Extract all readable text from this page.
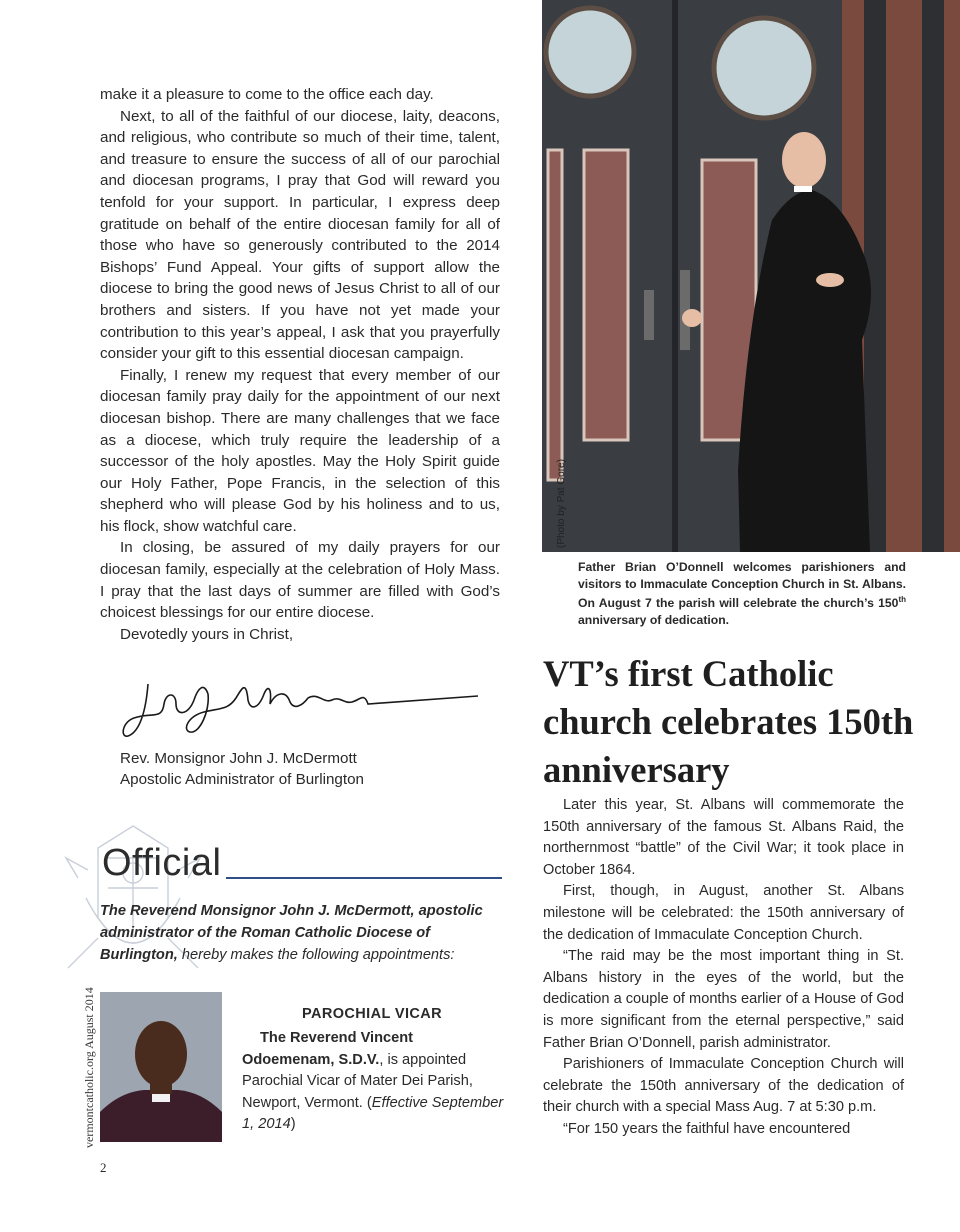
make it a pleasure to come to the office each day.

Next, to all of the faithful of our diocese, laity, deacons, and religious, who contribute so much of their time, talent, and treasure to ensure the success of all of our parochial and diocesan programs, I pray that God will reward you tenfold for your support. In particular, I express deep gratitude on behalf of the entire diocesan family for all of those who have so generously contributed to the 2014 Bishops’ Fund Appeal. Your gifts of support allow the diocese to bring the good news of Jesus Christ to all of our brothers and sisters. If you have not yet made your contribution to this year’s appeal, I ask that you prayerfully consider your gift to this essential diocesan campaign.

Finally, I renew my request that every member of our diocesan family pray daily for the appointment of our next diocesan bishop. There are many challenges that we face as a diocese, which truly require the leadership of a successor of the holy apostles. May the Holy Spirit guide our Holy Father, Pope Francis, in the selection of this shepherd who will please God by his holiness and to us, his flock, show watchful care.

In closing, be assured of my daily prayers for our diocesan family, especially at the celebration of Holy Mass. I pray that the last days of summer are filled with God’s choicest blessings for our entire diocese.

Devotedly yours in Christ,

Rev. Monsignor John J. McDermott
Apostolic Administrator of Burlington
Official
The Reverend Monsignor John J. McDermott, apostolic administrator of the Roman Catholic Diocese of Burlington, hereby makes the following appointments:
vermontcatholic.org August 2014	PAROCHIAL VICAR
The Reverend Vincent Odoemenam, S.D.V., is appointed Parochial Vicar of Mater Dei Parish, Newport, Vermont. (Effective September 1, 2014)
2
(Photo by Pat Gore)
Father Brian O’Donnell welcomes parishioners and visitors to Immaculate Conception Church in St. Albans. On August 7 the parish will celebrate the church’s 150th anniversary of dedication.
VT’s first Catholic church celebrates 150th anniversary

Later this year, St. Albans will commemorate the 150th anniversary of the famous St. Albans Raid, the northernmost “battle” of the Civil War; it took place in October 1864.

First, though, in August, another St. Albans milestone will be celebrated: the 150th anniversary of the dedication of Immaculate Conception Church.

“The raid may be the most important thing in St. Albans history in the eyes of the world, but the dedication a couple of months earlier of a House of God is more significant from the eternal perspective,” said Father Brian O’Donnell, parish administrator.

Parishioners of Immaculate Conception Church will celebrate the 150th anniversary of the dedication of their church with a special Mass Aug. 7 at 5:30 p.m.

“For 150 years the faithful have encountered
